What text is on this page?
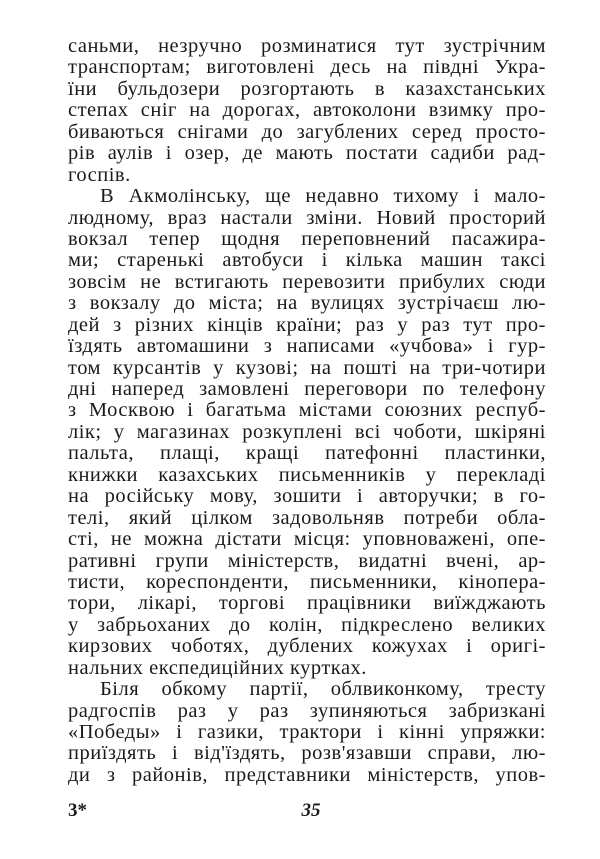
саньми, незручно розминатися тут зустрічним
транспортам; виготовлені десь на півдні Укра-
їни бульдозери розгортають в казахстанських
степах сніг на дорогах, автоколони взимку про-
биваються снігами до загублених серед просто-
рів аулів і озер, де мають постати садиби рад-
госпів.
В Акмолінську, ще недавно тихому і мало-
людному, враз настали зміни. Новий просторий
вокзал тепер щодня переповнений пасажира-
ми; старенькі автобуси і кілька машин таксі
зовсім не встигають перевозити прибулих сюди
з вокзалу до міста; на вулицях зустрічаєш лю-
дей з різних кінців країни; раз у раз тут про-
їздять автомашини з написами «учбова» і гур-
том курсантів у кузові; на пошті на три-чотири
дні наперед замовлені переговори по телефону
з Москвою і багатьма містами союзних респуб-
лік; у магазинах розкуплені всі чоботи, шкіряні
пальта, плащі, кращі патефонні пластинки,
книжки казахських письменників у перекладі
на російську мову, зошити і авторучки; в го-
телі, який цілком задовольняв потреби обла-
сті, не можна дістати місця: уповноважені, опе-
ративні групи міністерств, видатні вчені, ар-
тисти, кореспонденти, письменники, кінопера-
тори, лікарі, торгові працівники виїжджають
у забрьоханих до колін, підкреслено великих
кирзових чоботях, дублених кожухах і оригі-
нальних експедиційних куртках.
Біля обкому партії, облвиконкому, тресту
радгоспів раз у раз зупиняються забризкані
«Победы» і газики, трактори і кінні упряжки:
приїздять і від'їздять, розв'язавши справи, лю-
ди з районів, представники міністерств, упов-
3*	35
